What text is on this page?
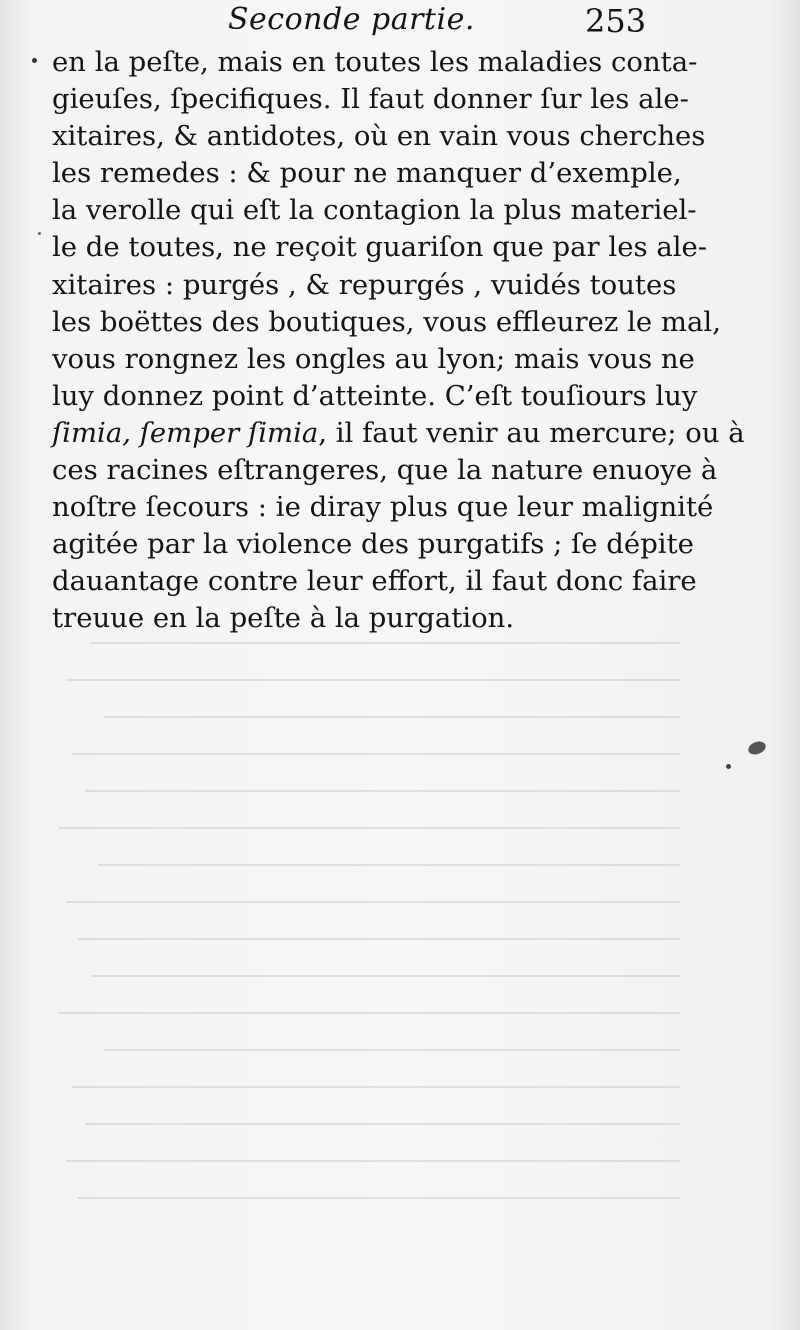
Seconde partie.	253
en la peſte, mais en toutes les maladies conta-
gieuſes, ſpecifiques. Il faut donner ſur les ale-
xitaires, & antidotes, où en vain vous cherches
les remedes : & pour ne manquer d’exemple,
la verolle qui eſt la contagion la plus materiel-
le de toutes, ne reçoit guariſon que par les ale-
xitaires : purgés , & repurgés , vuidés toutes
les boëttes des boutiques, vous effleurez le mal,
vous rongnez les ongles au lyon; mais vous ne
luy donnez point d’atteinte. C’eſt touſiours luy
ſimia, ſemper ſimia, il faut venir au mercure; ou à
ces racines eſtrangeres, que la nature enuoye à
noſtre ſecours : ie diray plus que leur malignité
agitée par la violence des purgatifs ; ſe dépite
dauantage contre leur effort, il faut donc faire
treuue en la peſte à la purgation.
